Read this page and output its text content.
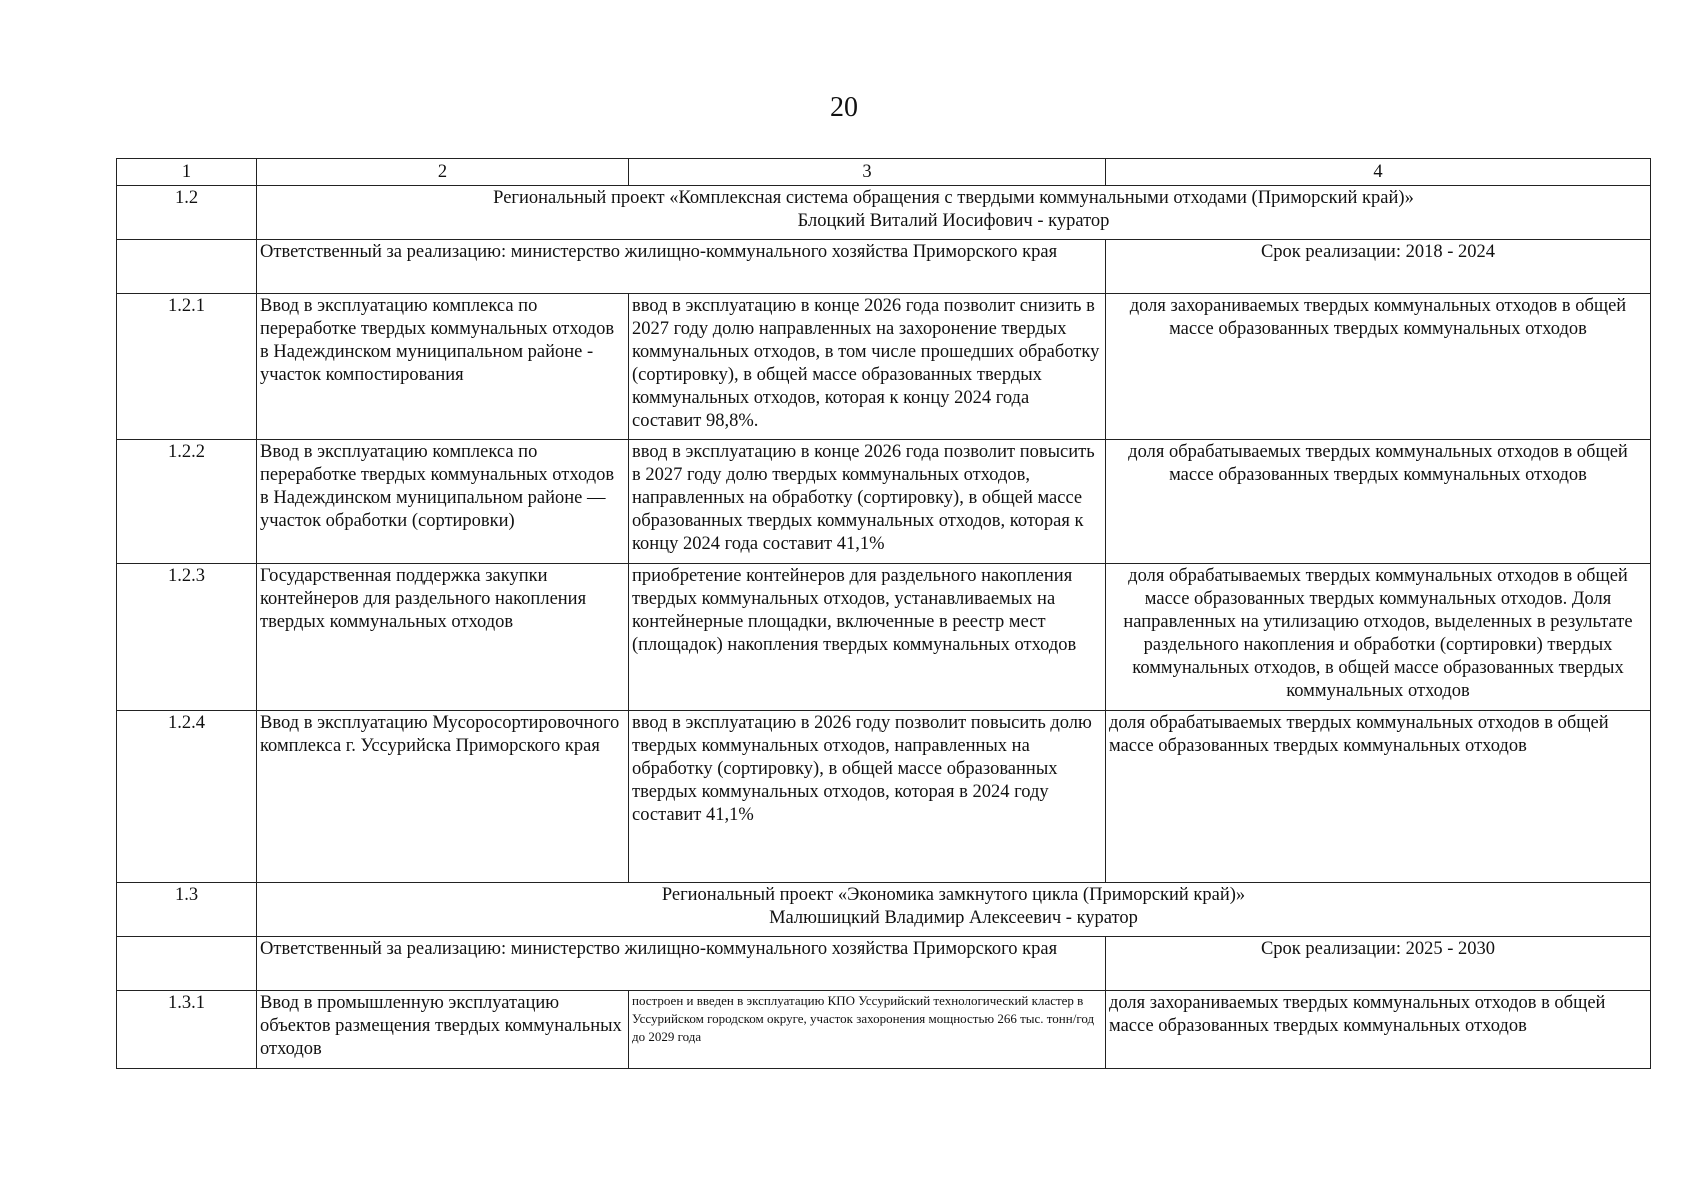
20
1	2	3	4
1.2	Региональный проект «Комплексная система обращения с твердыми коммунальными отходами (Приморский край)»
Блоцкий Виталий Иосифович - куратор		

	Ответственный за реализацию: министерство жилищно-коммунального хозяйства Приморского края		Срок реализации: 2018 - 2024
1.2.1	Ввод в эксплуатацию комплекса по переработке твердых коммунальных отходов в Надеждинском муниципальном районе - участок компостирования	ввод в эксплуатацию в конце 2026 года позволит снизить в 2027 году долю направленных на захоронение твердых коммунальных отходов, в том числе прошедших обработку (сортировку), в общей массе образованных твердых коммунальных отходов, которая к концу 2024 года составит 98,8%.	доля захораниваемых твердых коммунальных отходов в общей массе образованных твердых коммунальных отходов
1.2.2	Ввод в эксплуатацию комплекса по переработке твердых коммунальных отходов в Надеждинском муниципальном районе — участок обработки (сортировки)	ввод в эксплуатацию в конце 2026 года позволит повысить в 2027 году долю твердых коммунальных отходов, направленных на обработку (сортировку), в общей массе образованных твердых коммунальных отходов, которая к концу 2024 года составит 41,1%	доля обрабатываемых твердых коммунальных отходов в общей массе образованных твердых коммунальных отходов
1.2.3	Государственная поддержка закупки контейнеров для раздельного накопления твердых коммунальных отходов	приобретение контейнеров для раздельного накопления твердых коммунальных отходов, устанавливаемых на контейнерные площадки, включенные в реестр мест (площадок) накопления твердых коммунальных отходов	доля обрабатываемых твердых коммунальных отходов в общей массе образованных твердых коммунальных отходов. Доля направленных на утилизацию отходов, выделенных в результате раздельного накопления и обработки (сортировки) твердых коммунальных отходов, в общей массе образованных твердых коммунальных отходов
1.2.4	Ввод в эксплуатацию Мусоросортировочного комплекса г. Уссурийска Приморского края	ввод в эксплуатацию в 2026 году позволит повысить долю твердых коммунальных отходов, направленных на обработку (сортировку), в общей массе образованных твердых коммунальных отходов, которая в 2024 году составит 41,1%	доля обрабатываемых твердых коммунальных отходов в общей массе образованных твердых коммунальных отходов
1.3	Региональный проект «Экономика замкнутого цикла (Приморский край)»
Малюшицкий Владимир Алексеевич - куратор		

	Ответственный за реализацию: министерство жилищно-коммунального хозяйства Приморского края		Срок реализации: 2025 - 2030
1.3.1	Ввод в промышленную эксплуатацию объектов размещения твердых коммунальных отходов	построен и введен в эксплуатацию КПО Уссурийский технологический кластер в Уссурийском городском округе, участок захоронения мощностью 266 тыс. тонн/год до 2029 года	доля захораниваемых твердых коммунальных отходов в общей массе образованных твердых коммунальных отходов
